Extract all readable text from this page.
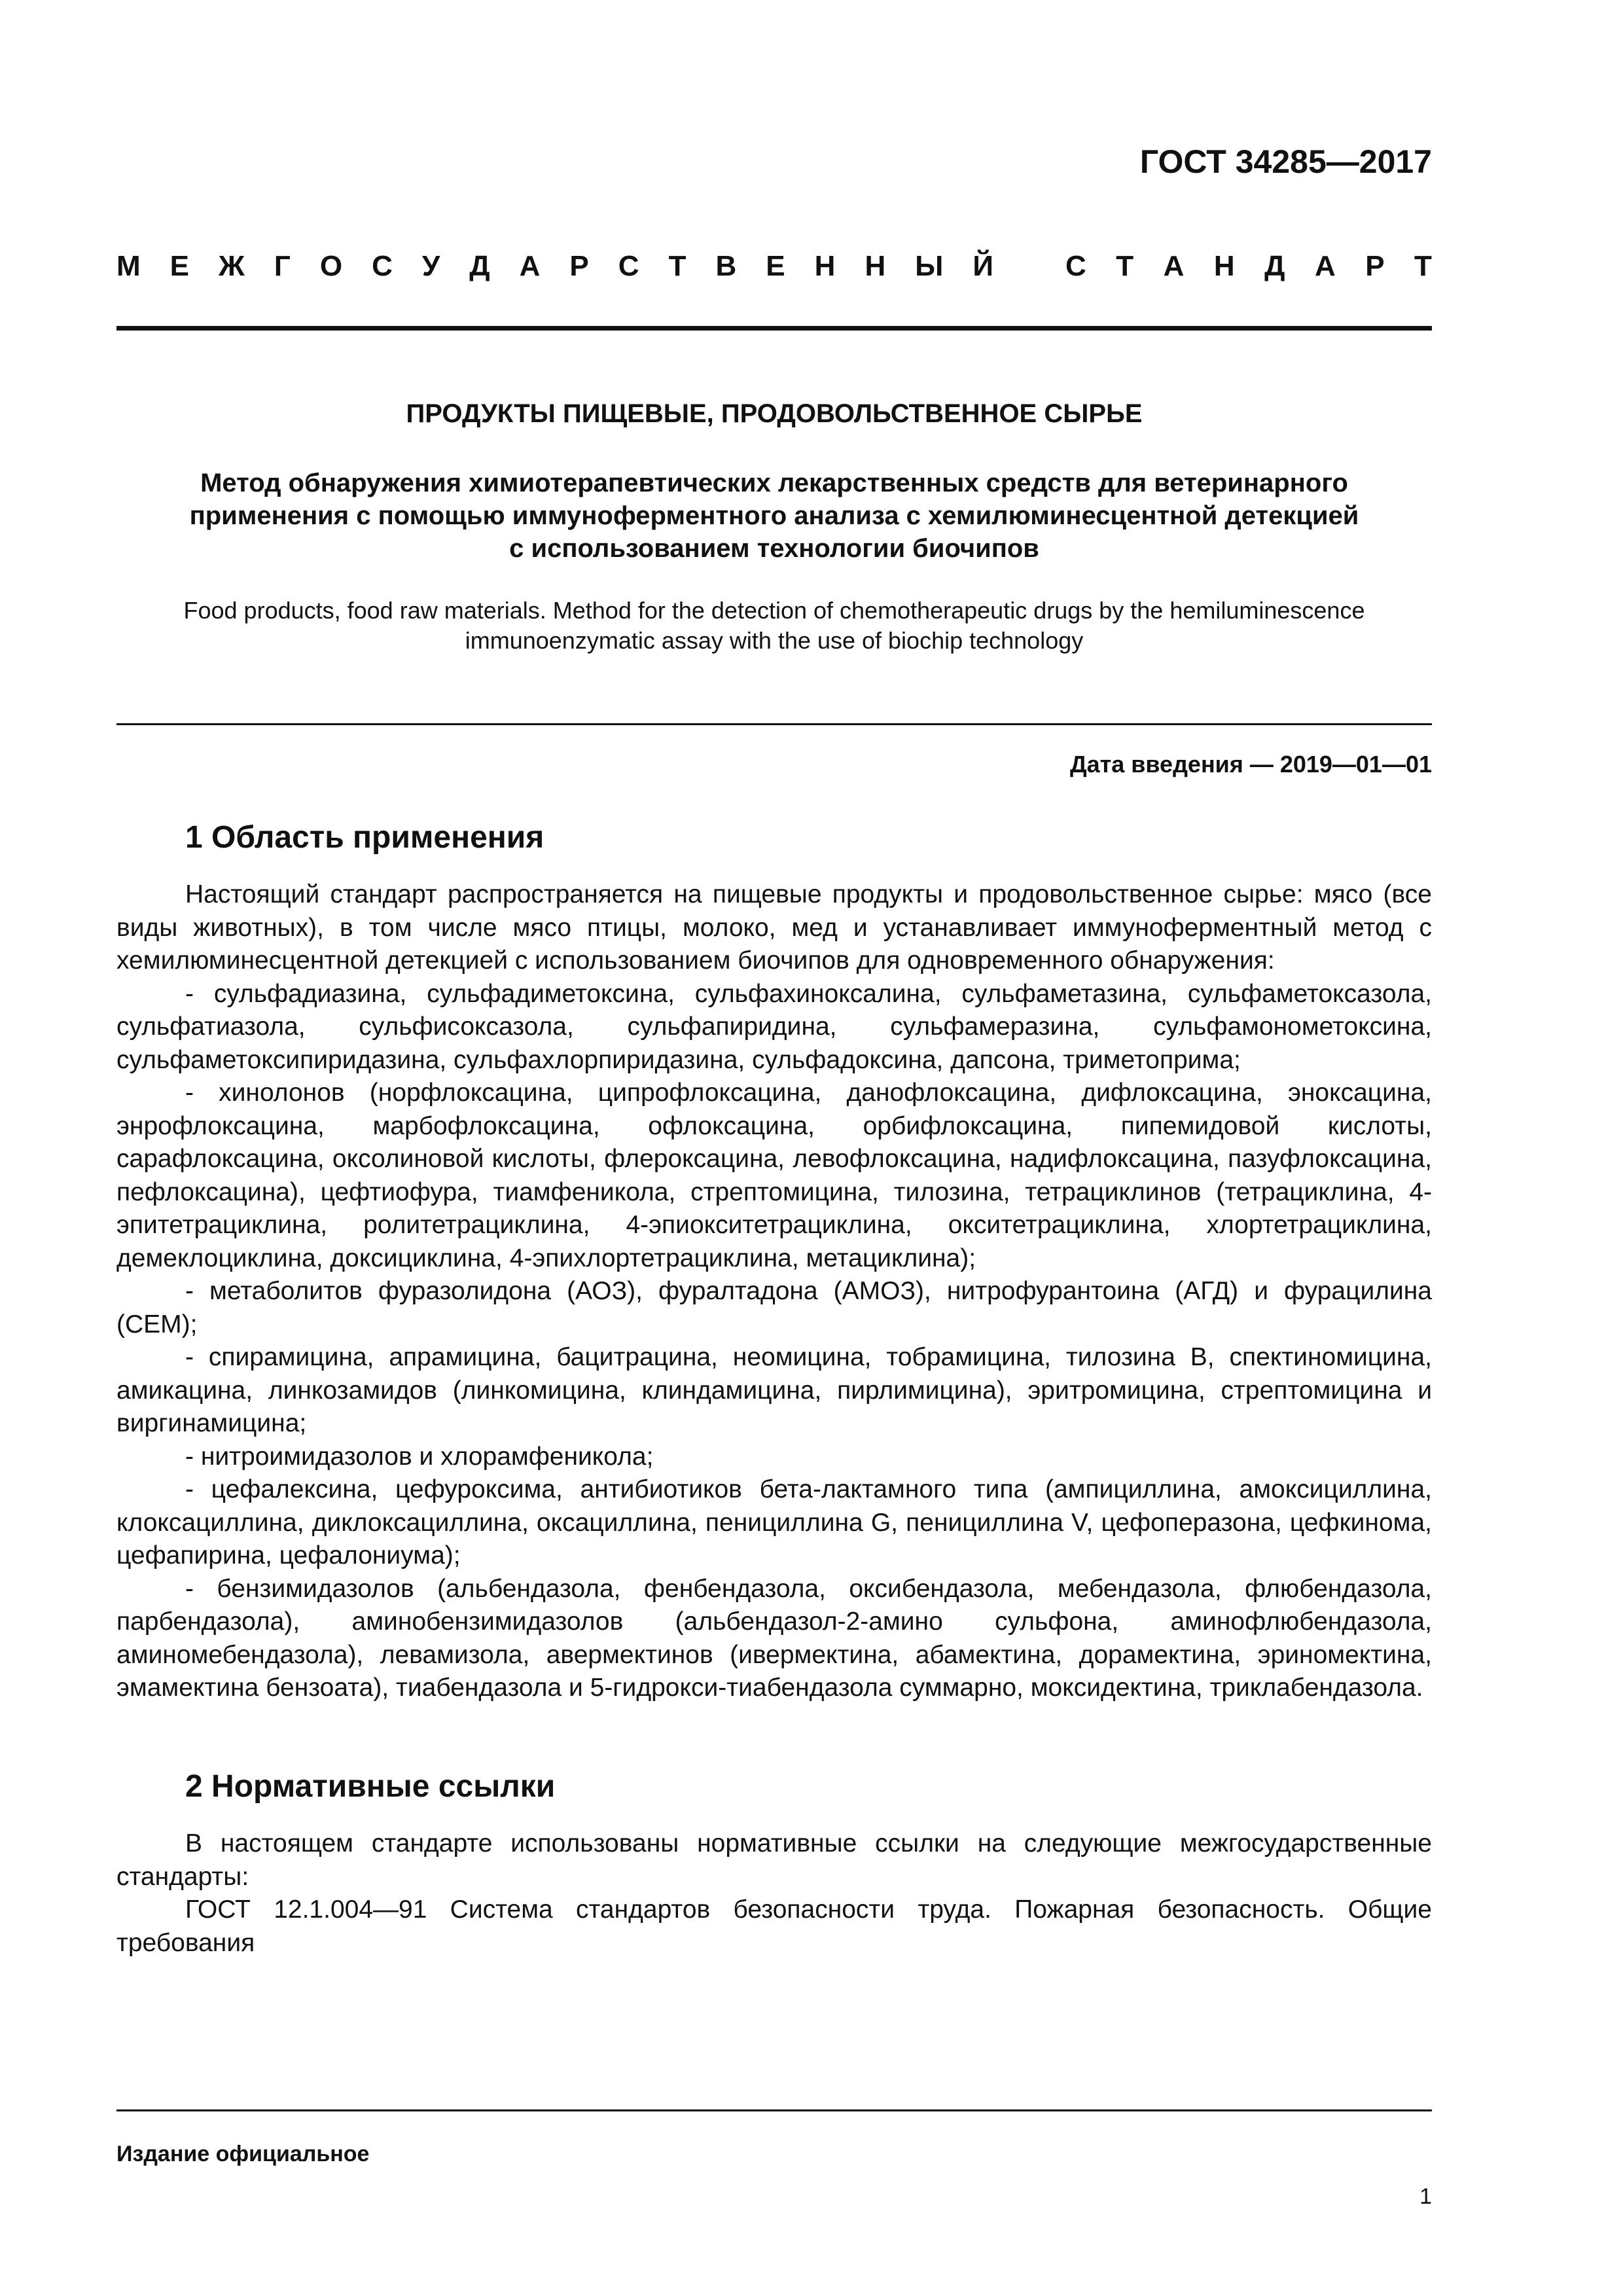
ГОСТ 34285—2017
М Е Ж Г О С У Д А Р С Т В Е Н Н Ы Й	С Т А Н Д А Р Т
ПРОДУКТЫ ПИЩЕВЫЕ, ПРОДОВОЛЬСТВЕННОЕ СЫРЬЕ
Метод обнаружения химиотерапевтических лекарственных средств для ветеринарного
применения с помощью иммуноферментного анализа с хемилюминесцентной детекцией
с использованием технологии биочипов
Food products, food raw materials. Method for the detection of chemotherapeutic drugs by the hemiluminescence
immunoenzymatic assay with the use of biochip technology
Дата введения — 2019—01—01
1 Область применения

Настоящий стандарт распространяется на пищевые продукты и продовольственное сырье: мясо (все виды животных), в том числе мясо птицы, молоко, мед и устанавливает иммуноферментный метод с хемилюминесцентной детекцией с использованием биочипов для одновременного обнаружения:

- сульфадиазина, сульфадиметоксина, сульфахиноксалина, сульфаметазина, сульфаметоксазола, сульфатиазола, сульфисоксазола, сульфапиридина, сульфамеразина, сульфамонометоксина, сульфаметоксипиридазина, сульфахлорпиридазина, сульфадоксина, дапсона, триметоприма;

- хинолонов (норфлоксацина, ципрофлоксацина, данофлоксацина, дифлоксацина, эноксацина, энрофлоксацина, марбофлоксацина, офлоксацина, орбифлоксацина, пипемидовой кислоты, сарафлоксацина, оксолиновой кислоты, флероксацина, левофлоксацина, надифлоксацина, пазуфлоксацина, пефлоксацина), цефтиофура, тиамфеникола, стрептомицина, тилозина, тетрациклинов (тетрациклина, 4-эпитетрациклина, ролитетрациклина, 4-эпиокситетрациклина, окситетрациклина, хлортетрациклина, демеклоциклина, доксициклина, 4-эпихлортетрациклина, метациклина);

- метаболитов фуразолидона (АОЗ), фуралтадона (АМОЗ), нитрофурантоина (АГД) и фурацилина (СЕМ);

- спирамицина, апрамицина, бацитрацина, неомицина, тобрамицина, тилозина В, спектиномицина, амикацина, линкозамидов (линкомицина, клиндамицина, пирлимицина), эритромицина, стрептомицина и виргинамицина;

- нитроимидазолов и хлорамфеникола;

- цефалексина, цефуроксима, антибиотиков бета-лактамного типа (ампициллина, амоксициллина, клоксациллина, диклоксациллина, оксациллина, пенициллина G, пенициллина V, цефоперазона, цефкинома, цефапирина, цефалониума);

- бензимидазолов (альбендазола, фенбендазола, оксибендазола, мебендазола, флюбендазола, парбендазола), аминобензимидазолов (альбендазол-2-амино сульфона, аминофлюбендазола, аминомебендазола), левамизола, авермектинов (ивермектина, абамектина, дорамектина, эриномектина, эмамектина бензоата), тиабендазола и 5-гидрокси-тиабендазола суммарно, моксидектина, триклабендазола.

2 Нормативные ссылки

В настоящем стандарте использованы нормативные ссылки на следующие межгосударственные стандарты:

ГОСТ 12.1.004—91 Система стандартов безопасности труда. Пожарная безопасность. Общие требования

Издание официальное
1
